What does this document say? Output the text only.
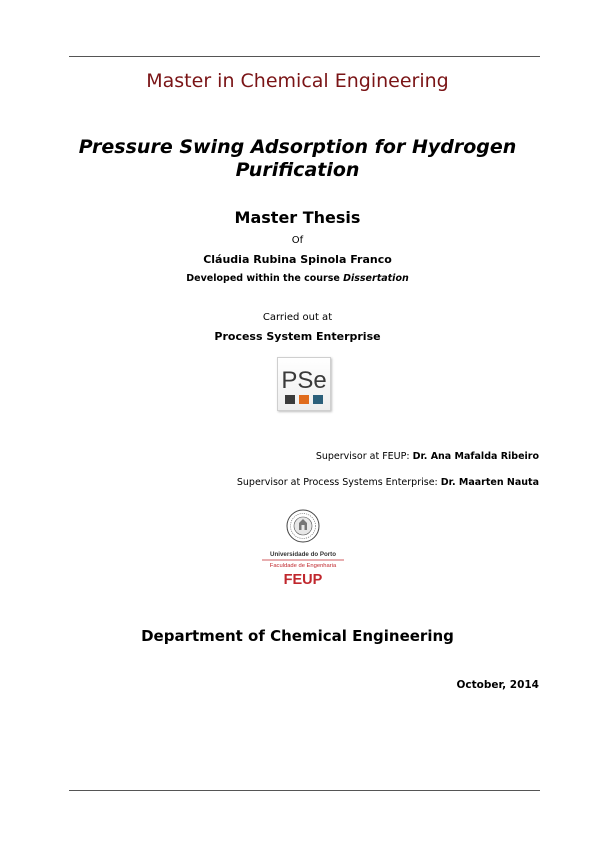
Master in Chemical Engineering
Pressure Swing Adsorption for Hydrogen
Purification
Master Thesis
Of
Cláudia Rubina Spinola Franco
Developed within the course Dissertation
Carried out at
Process System Enterprise
PSe
Supervisor at FEUP: Dr. Ana Mafalda Ribeiro
Supervisor at Process Systems Enterprise: Dr. Maarten Nauta
Universidade do Porto
Faculdade de Engenharia
FEUP
Department of Chemical Engineering
October, 2014
